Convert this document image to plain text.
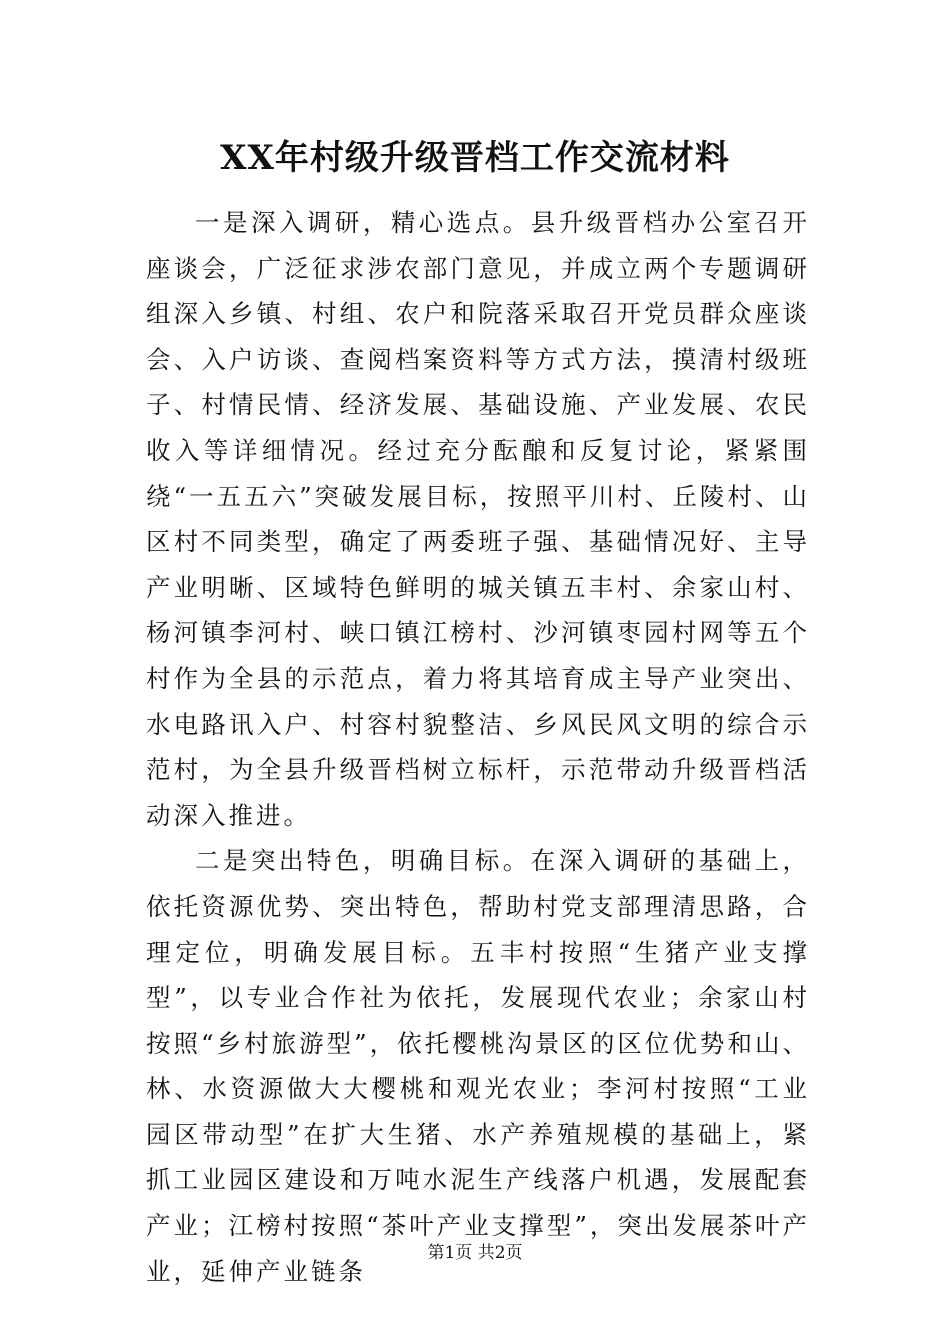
XX年村级升级晋档工作交流材料

一是深入调研，精心选点。县升级晋档办公室召开座谈会，广泛征求涉农部门意见，并成立两个专题调研组深入乡镇、村组、农户和院落采取召开党员群众座谈会、入户访谈、查阅档案资料等方式方法，摸清村级班子、村情民情、经济发展、基础设施、产业发展、农民收入等详细情况。经过充分酝酿和反复讨论，紧紧围绕“一五五六”突破发展目标，按照平川村、丘陵村、山区村不同类型，确定了两委班子强、基础情况好、主导产业明晰、区域特色鲜明的城关镇五丰村、余家山村、杨河镇李河村、峡口镇江榜村、沙河镇枣园村网等五个村作为全县的示范点，着力将其培育成主导产业突出、水电路讯入户、村容村貌整洁、乡风民风文明的综合示范村，为全县升级晋档树立标杆，示范带动升级晋档活动深入推进。

二是突出特色，明确目标。在深入调研的基础上，依托资源优势、突出特色，帮助村党支部理清思路，合理定位，明确发展目标。五丰村按照“生猪产业支撑型”，以专业合作社为依托，发展现代农业；余家山村按照“乡村旅游型”，依托樱桃沟景区的区位优势和山、林、水资源做大大樱桃和观光农业；李河村按照“工业园区带动型”在扩大生猪、水产养殖规模的基础上，紧抓工业园区建设和万吨水泥生产线落户机遇，发展配套产业；江榜村按照“茶叶产业支撑型”，突出发展茶叶产业，延伸产业链条

第1页 共2页
